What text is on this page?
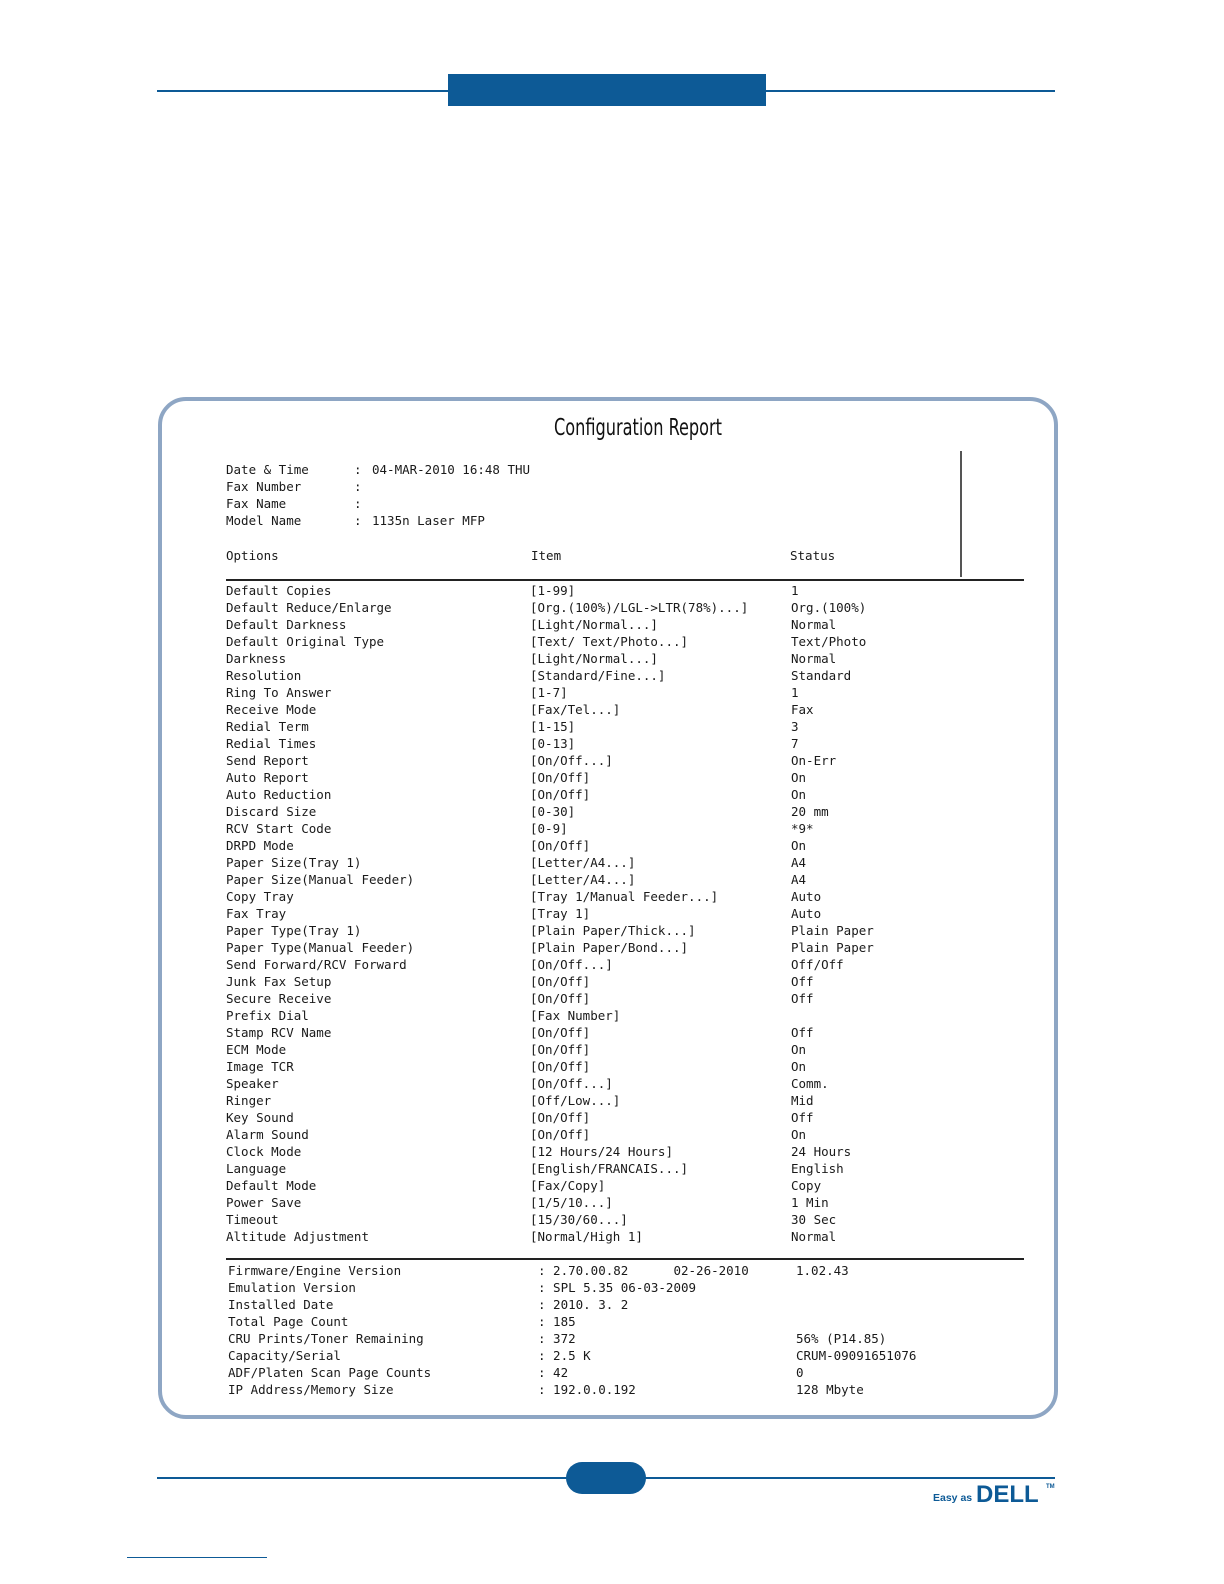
Configuration Report
Date & Time	: 04-MAR-2010 16:48 THU
Fax Number	:
Fax Name	:
Model Name	: 1135n Laser MFP
Options	Item	Status
Default Copies	[1-99]	1
Default Reduce/Enlarge	[Org.(100%)/LGL->LTR(78%)...]	Org.(100%)
Default Darkness	[Light/Normal...]	Normal
Default Original Type	[Text/ Text/Photo...]	Text/Photo
Darkness	[Light/Normal...]	Normal
Resolution	[Standard/Fine...]	Standard
Ring To Answer	[1-7]	1
Receive Mode	[Fax/Tel...]	Fax
Redial Term	[1-15]	3
Redial Times	[0-13]	7
Send Report	[On/Off...]	On-Err
Auto Report	[On/Off]	On
Auto Reduction	[On/Off]	On
Discard Size	[0-30]	20 mm
RCV Start Code	[0-9]	*9*
DRPD Mode	[On/Off]	On
Paper Size(Tray 1)	[Letter/A4...]	A4
Paper Size(Manual Feeder)	[Letter/A4...]	A4
Copy Tray	[Tray 1/Manual Feeder...]	Auto
Fax Tray	[Tray 1]	Auto
Paper Type(Tray 1)	[Plain Paper/Thick...]	Plain Paper
Paper Type(Manual Feeder)	[Plain Paper/Bond...]	Plain Paper
Send Forward/RCV Forward	[On/Off...]	Off/Off
Junk Fax Setup	[On/Off]	Off
Secure Receive	[On/Off]	Off
Prefix Dial	[Fax Number]
Stamp RCV Name	[On/Off]	Off
ECM Mode	[On/Off]	On
Image TCR	[On/Off]	On
Speaker	[On/Off...]	Comm.
Ringer	[Off/Low...]	Mid
Key Sound	[On/Off]	Off
Alarm Sound	[On/Off]	On
Clock Mode	[12 Hours/24 Hours]	24 Hours
Language	[English/FRANCAIS...]	English
Default Mode	[Fax/Copy]	Copy
Power Save	[1/5/10...]	1 Min
Timeout	[15/30/60...]	30 Sec
Altitude Adjustment	[Normal/High 1]	Normal
Firmware/Engine Version	: 2.70.00.82      02-26-2010	1.02.43
Emulation Version	: SPL 5.35 06-03-2009
Installed Date	: 2010. 3. 2
Total Page Count	: 185
CRU Prints/Toner Remaining	: 372	56% (P14.85)
Capacity/Serial	: 2.5 K	CRUM-09091651076
ADF/Platen Scan Page Counts	: 42	0
IP Address/Memory Size	: 192.0.0.192	128 Mbyte
Easy as DELL TM
